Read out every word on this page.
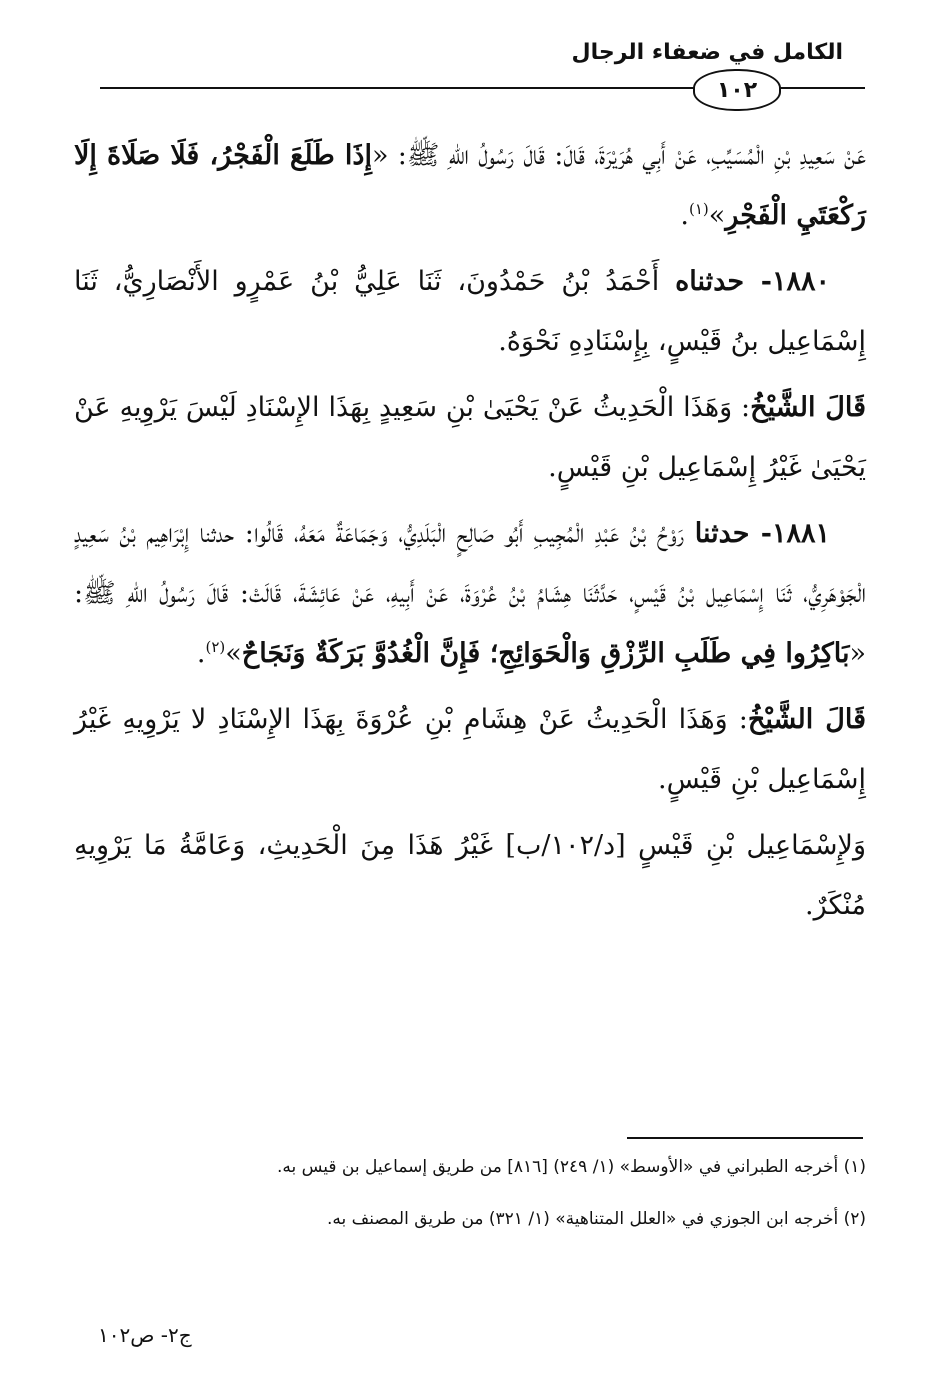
الكامل في ضعفاء الرجال
١٠٢

عَنْ سَعِيدِ بْنِ الْمُسَيِّبِ، عَنْ أَبِي هُرَيْرَةَ، قَالَ: قَالَ رَسُولُ اللهِ ﷺ: «إِذَا طَلَعَ الْفَجْرُ، فَلَا صَلَاةَ إِلَا رَكْعَتَيِ الْفَجْرِ»$^{(١)}$.

١٨٨٠- حدثناه أَحْمَدُ بْنُ حَمْدُونَ، ثَنَا عَلِيُّ بْنُ عَمْرٍو الأَنْصَارِيُّ، ثَنَا إِسْمَاعِيل بنُ قَيْسٍ، بِإِسْنَادِهِ نَحْوَهُ.

قَالَ الشَّيْخُ: وَهَذَا الْحَدِيثُ عَنْ يَحْيَىٰ بْنِ سَعِيدٍ بِهَذَا الإِسْنَادِ لَيْسَ يَرْوِيهِ عَنْ يَحْيَىٰ غَيْرُ إِسْمَاعِيل بْنِ قَيْسٍ.

١٨٨١- حدثنا رَوْحُ بْنُ عَبْدِ الْمُجِيبِ أَبُو صَالِحٍ الْبَلَدِيُّ، وَجَمَاعَةٌ مَعَهُ، قَالُوا: حدثنا إِبْرَاهِيم بْنُ سَعِيدٍ الْجَوْهَرِيُّ، ثَنَا إِسْمَاعِيل بْنُ قَيْسٍ، حَدَّثَنَا هِشَامُ بْنُ عُرْوَةَ، عَنْ أَبِيهِ، عَنْ عَائِشَةَ، قَالَتْ: قَالَ رَسُولُ اللهِ ﷺ: «بَاكِرُوا فِي طَلَبِ الرِّزْقِ وَالْحَوَائِجِ؛ فَإِنَّ الْغُدُوَّ بَرَكَةٌ وَنَجَاحٌ»$^{(٢)}$.

قَالَ الشَّيْخُ: وَهَذَا الْحَدِيثُ عَنْ هِشَامِ بْنِ عُرْوَةَ بِهَذَا الإِسْنَادِ لا يَرْوِيهِ غَيْرُ إِسْمَاعِيل بْنِ قَيْسٍ.

وَلإِسْمَاعِيل بْنِ قَيْسٍ [د/١٠٢/ب] غَيْرُ هَذَا مِنَ الْحَدِيثِ، وَعَامَّةُ مَا يَرْوِيهِ مُنْكَرٌ.

(١) أخرجه الطبراني في «الأوسط» (١/ ٢٤٩) [٨١٦] من طريق إسماعيل بن قيس به.

(٢) أخرجه ابن الجوزي في «العلل المتناهية» (١/ ٣٢١) من طريق المصنف به.

ج٢- ص١٠٢
